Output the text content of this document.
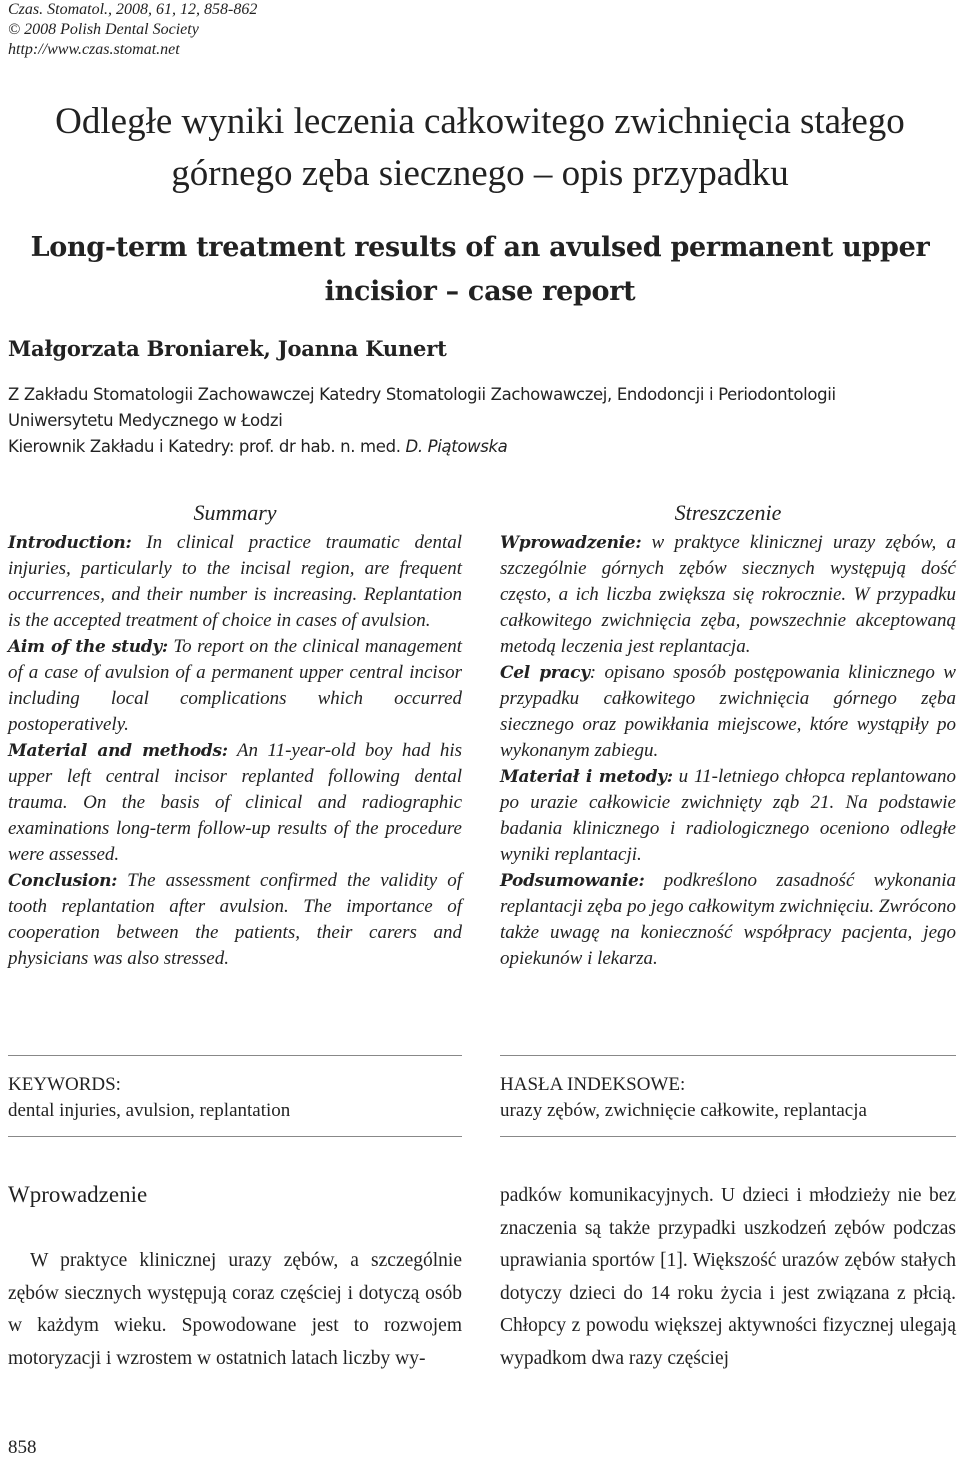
Czas. Stomatol., 2008, 61, 12, 858-862
© 2008 Polish Dental Society
http://www.czas.stomat.net
Odległe wyniki leczenia całkowitego zwichnięcia stałego
górnego zęba siecznego – opis przypadku
Long-term treatment results of an avulsed permanent upper
incisior – case report
Małgorzata Broniarek, Joanna Kunert
Z Zakładu Stomatologii Zachowawczej Katedry Stomatologii Zachowawczej, Endodoncji i Periodontologii
Uniwersytetu Medycznego w Łodzi
Kierownik Zakładu i Katedry: prof. dr hab. n. med. D. Piątowska
Summary

Introduction: In clinical practice traumatic dental injuries, particularly to the incisal region, are frequent occurrences, and their number is increasing. Replantation is the accepted treatment of choice in cases of avulsion.

Aim of the study: To report on the clinical management of a case of avulsion of a permanent upper central incisor including local complications which occurred postoperatively.

Material and methods: An 11-year-old boy had his upper left central incisor replanted following dental trauma. On the basis of clinical and radiographic examinations long-term follow-up results of the procedure were assessed.

Conclusion: The assessment confirmed the validity of tooth replantation after avulsion. The importance of cooperation between the patients, their carers and physicians was also stressed.

Streszczenie

Wprowadzenie: w praktyce klinicznej urazy zębów, a szczególnie górnych zębów siecznych występują dość często, a ich liczba zwiększa się rokrocznie. W przypadku całkowitego zwichnięcia zęba, powszechnie akceptowaną metodą leczenia jest replantacja.

Cel pracy: opisano sposób postępowania klinicznego w przypadku całkowitego zwichnięcia górnego zęba siecznego oraz powikłania miejscowe, które wystąpiły po wykonanym zabiegu.

Materiał i metody: u 11-letniego chłopca replantowano po urazie całkowicie zwichnięty ząb 21. Na podstawie badania klinicznego i radiologicznego oceniono odległe wyniki replantacji.

Podsumowanie: podkreślono zasadność wykonania replantacji zęba po jego całkowitym zwichnięciu. Zwrócono także uwagę na konieczność współpracy pacjenta, jego opiekunów i lekarza.

KEYWORDS:
dental injuries, avulsion, replantation
HASŁA INDEKSOWE:
urazy zębów, zwichnięcie całkowite, replantacja
Wprowadzenie

W praktyce klinicznej urazy zębów, a szczególnie zębów siecznych występują coraz częściej i dotyczą osób w każdym wieku. Spowodowane jest to rozwojem motoryzacji i wzrostem w ostatnich latach liczby wy-

padków komunikacyjnych. U dzieci i młodzieży nie bez znaczenia są także przypadki uszkodzeń zębów podczas uprawiania sportów [1]. Większość urazów zębów stałych dotyczy dzieci do 14 roku życia i jest związana z płcią. Chłopcy z powodu większej aktywności fizycznej ulegają wypadkom dwa razy częściej

858
